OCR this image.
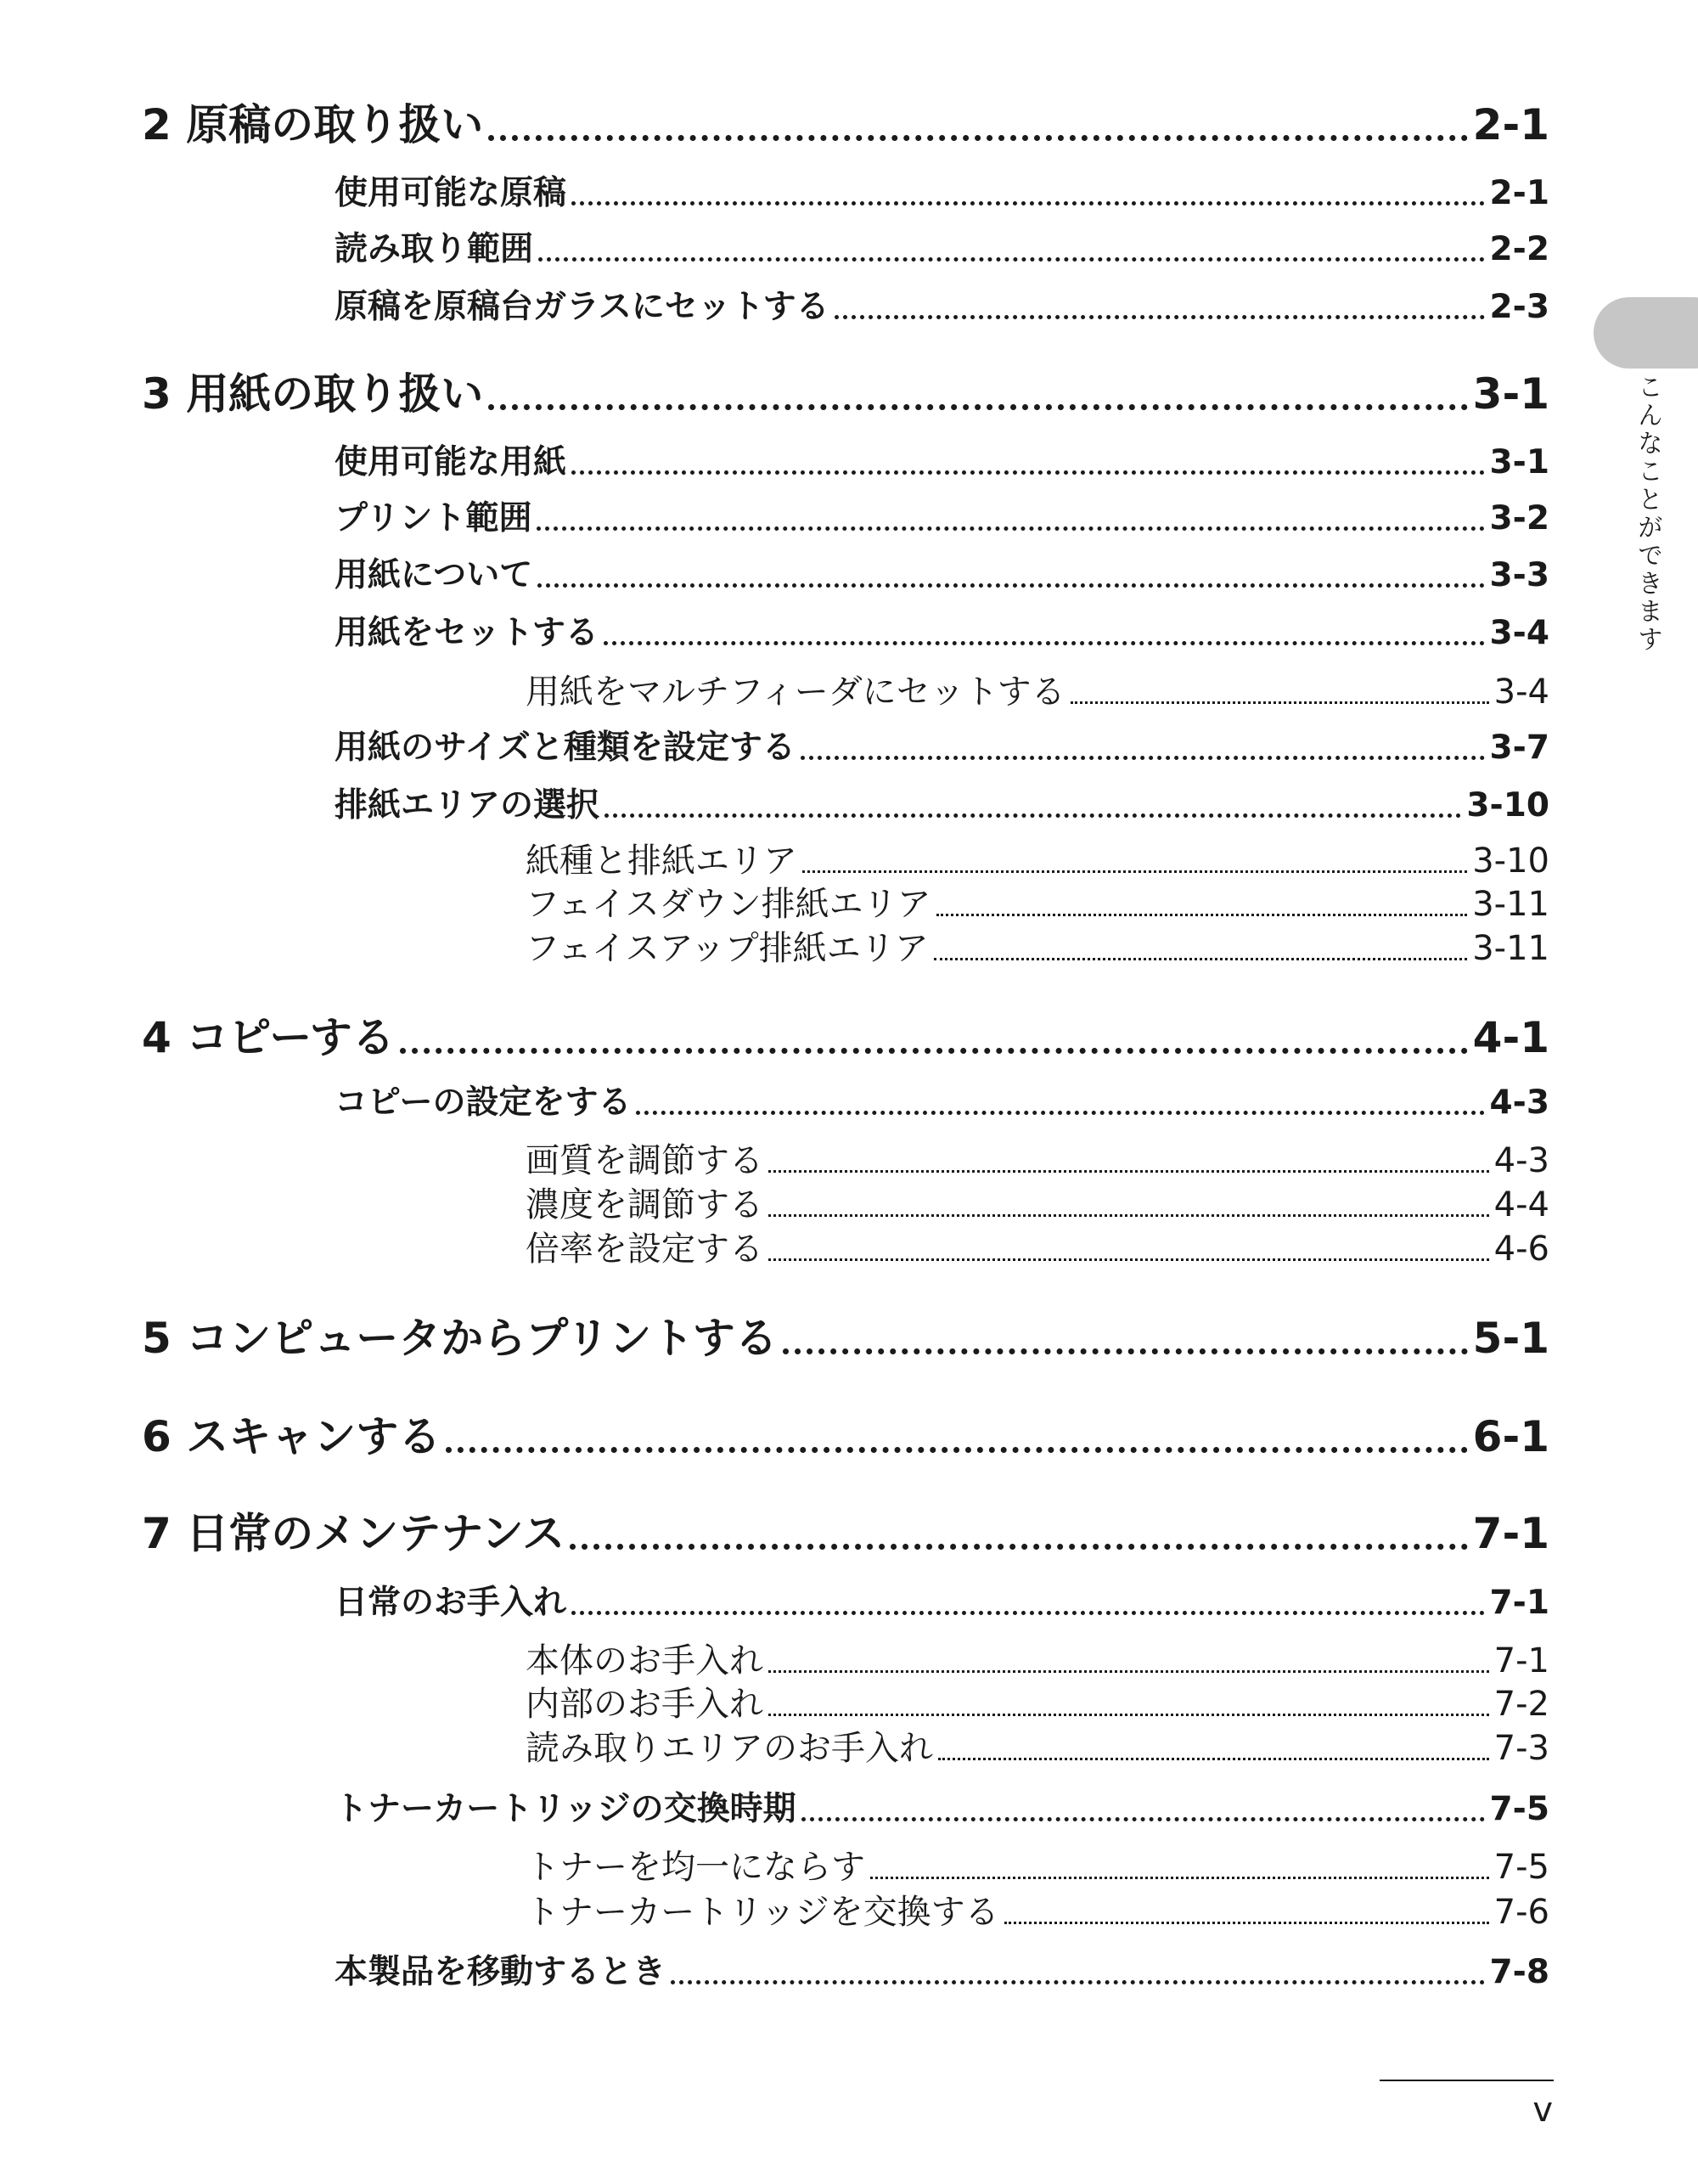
2 原稿の取り扱い	2-1
使用可能な原稿	2-1
読み取り範囲	2-2
原稿を原稿台ガラスにセットする	2-3
3 用紙の取り扱い	3-1
使用可能な用紙	3-1
プリント範囲	3-2
用紙について	3-3
用紙をセットする	3-4
用紙をマルチフィーダにセットする	3-4
用紙のサイズと種類を設定する	3-7
排紙エリアの選択	3-10
紙種と排紙エリア	3-10
フェイスダウン排紙エリア	3-11
フェイスアップ排紙エリア	3-11
4 コピーする	4-1
コピーの設定をする	4-3
画質を調節する	4-3
濃度を調節する	4-4
倍率を設定する	4-6
5 コンピュータからプリントする	5-1
6 スキャンする	6-1
7 日常のメンテナンス	7-1
日常のお手入れ	7-1
本体のお手入れ	7-1
内部のお手入れ	7-2
読み取りエリアのお手入れ	7-3
トナーカートリッジの交換時期	7-5
トナーを均一にならす	7-5
トナーカートリッジを交換する	7-6
本製品を移動するとき	7-8
こんなことができます
v
